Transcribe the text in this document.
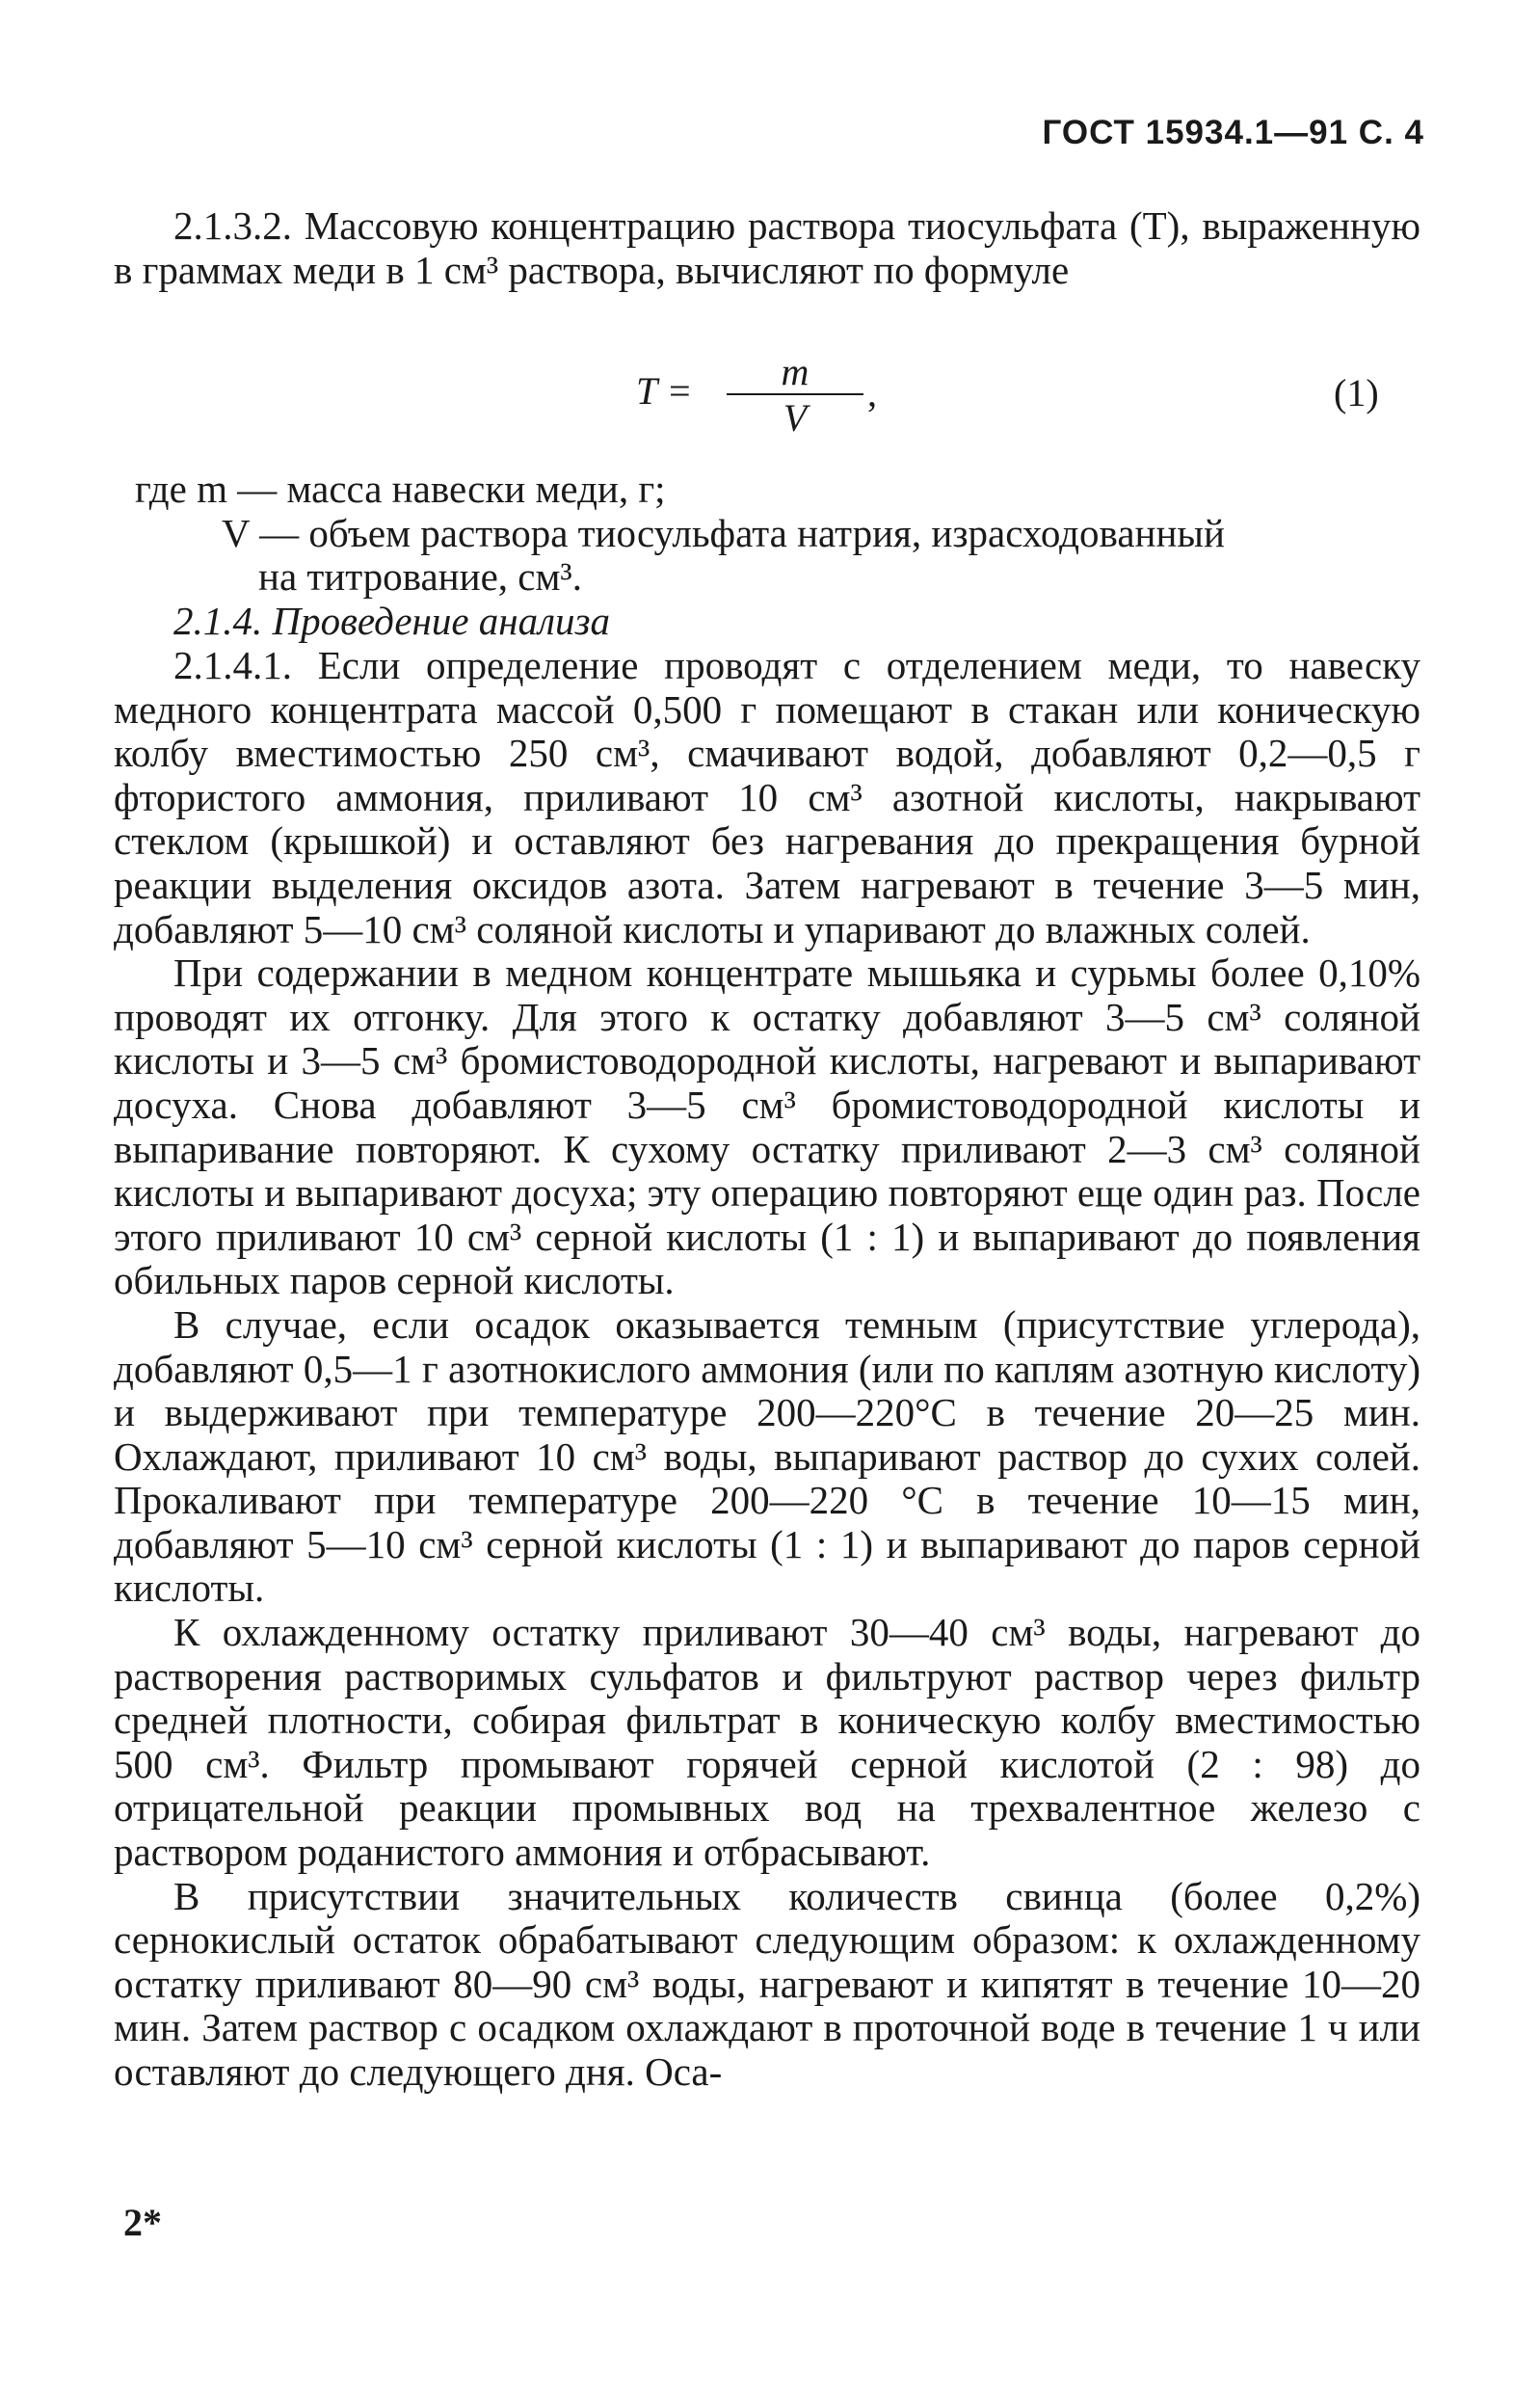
ГОСТ 15934.1—91 С. 4

2.1.3.2. Массовую концентрацию раствора тиосульфата (Т), выраженную в граммах меди в 1 см³ раствора, вычисляют по формуле

T =	m
V
,	(1)
где m — масса навески меди, г;
V — объем раствора тиосульфата натрия, израсходованный
на титрование, см³.

2.1.4. Проведение анализа

2.1.4.1. Если определение проводят с отделением меди, то навеску медного концентрата массой 0,500 г помещают в стакан или коническую колбу вместимостью 250 см³, смачивают водой, добавляют 0,2—0,5 г фтористого аммония, приливают 10 см³ азотной кислоты, накрывают стеклом (крышкой) и оставляют без нагревания до прекращения бурной реакции выделения оксидов азота. Затем нагревают в течение 3—5 мин, добавляют 5—10 см³ соляной кислоты и упаривают до влажных солей.

При содержании в медном концентрате мышьяка и сурьмы более 0,10% проводят их отгонку. Для этого к остатку добавляют 3—5 см³ соляной кислоты и 3—5 см³ бромистоводородной кислоты, нагревают и выпаривают досуха. Снова добавляют 3—5 см³ бромистоводородной кислоты и выпаривание повторяют. К сухому остатку приливают 2—3 см³ соляной кислоты и выпаривают досуха; эту операцию повторяют еще один раз. После этого приливают 10 см³ серной кислоты (1 : 1) и выпаривают до появления обильных паров серной кислоты.

В случае, если осадок оказывается темным (присутствие углерода), добавляют 0,5—1 г азотнокислого аммония (или по каплям азотную кислоту) и выдерживают при температуре 200—220°С в течение 20—25 мин. Охлаждают, приливают 10 см³ воды, выпаривают раствор до сухих солей. Прокаливают при температуре 200—220 °С в течение 10—15 мин, добавляют 5—10 см³ серной кислоты (1 : 1) и выпаривают до паров серной кислоты.

К охлажденному остатку приливают 30—40 см³ воды, нагревают до растворения растворимых сульфатов и фильтруют раствор через фильтр средней плотности, собирая фильтрат в коническую колбу вместимостью 500 см³. Фильтр промывают горячей серной кислотой (2 : 98) до отрицательной реакции промывных вод на трехвалентное железо с раствором роданистого аммония и отбрасывают.

В присутствии значительных количеств свинца (более 0,2%) сернокислый остаток обрабатывают следующим образом: к охлажденному остатку приливают 80—90 см³ воды, нагревают и кипятят в течение 10—20 мин. Затем раствор с осадком охлаждают в проточной воде в течение 1 ч или оставляют до следующего дня. Оса-

2*
